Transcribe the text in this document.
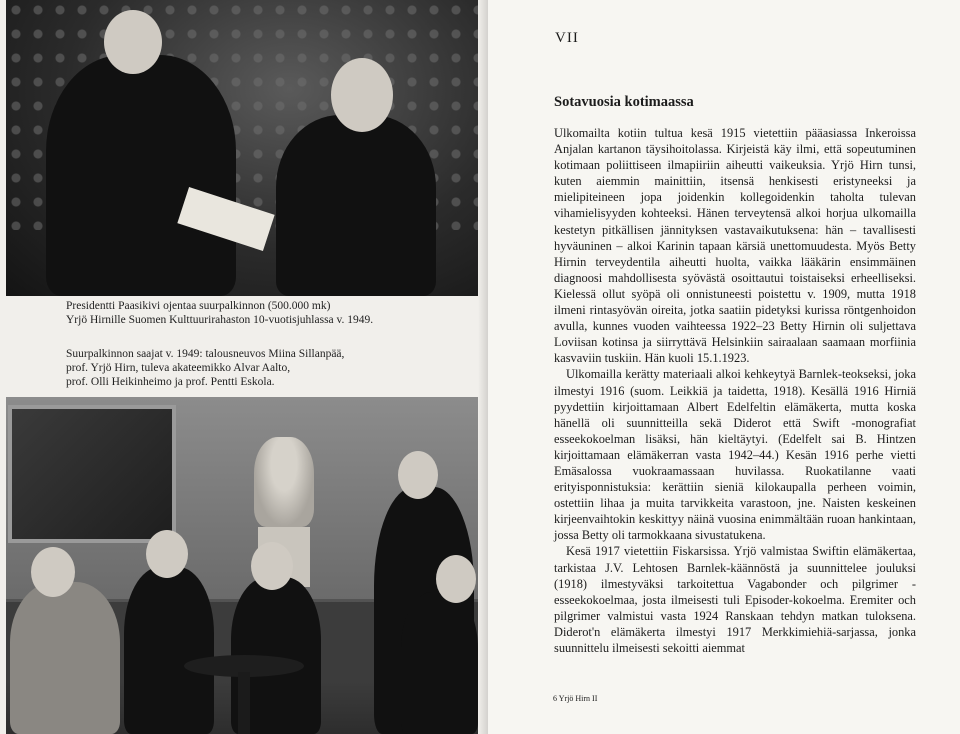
Presidentti Paasikivi ojentaa suurpalkinnon (500.000 mk)

Yrjö Hirnille Suomen Kulttuurirahaston 10-vuotisjuhlassa v. 1949.

Suurpalkinnon saajat v. 1949: talousneuvos Miina Sillanpää,

prof. Yrjö Hirn, tuleva akateemikko Alvar Aalto,

prof. Olli Heikinheimo ja prof. Pentti Eskola.

VII
Sotavuosia kotimaassa

Ulkomailta kotiin tultua kesä 1915 vietettiin pääasiassa Inkeroissa Anjalan kartanon täysihoitolassa. Kirjeistä käy ilmi, että sopeutuminen kotimaan poliittiseen ilmapiiriin aiheutti vaikeuksia. Yrjö Hirn tunsi, kuten aiemmin mainittiin, itsensä henkisesti eristyneeksi ja mielipiteineen jopa joidenkin kollegoidenkin taholta tulevan vihamielisyyden kohteeksi. Hänen terveytensä alkoi horjua ulkomailla kestetyn pitkällisen jännityksen vastavaikutuksena: hän – tavallisesti hyväuninen – alkoi Karinin tapaan kärsiä unettomuudesta. Myös Betty Hirnin terveydentila aiheutti huolta, vaikka lääkärin ensimmäinen diagnoosi mahdollisesta syövästä osoittautui toistaiseksi erheelliseksi. Kielessä ollut syöpä oli onnistuneesti poistettu v. 1909, mutta 1918 ilmeni rintasyövän oireita, jotka saatiin pidetyksi kurissa röntgenhoidon avulla, kunnes vuoden vaihteessa 1922–23 Betty Hirnin oli suljettava Loviisan kotinsa ja siirryttävä Helsinkiin sairaalaan saamaan morfiinia kasvaviin tuskiin. Hän kuoli 15.1.1923.

Ulkomailla kerätty materiaali alkoi kehkeytyä Barnlek-teokseksi, joka ilmestyi 1916 (suom. Leikkiä ja taidetta, 1918). Kesällä 1916 Hirniä pyydettiin kirjoittamaan Albert Edelfeltin elämäkerta, mutta koska hänellä oli suunnitteilla sekä Diderot että Swift -monografiat esseekokoelman lisäksi, hän kieltäytyi. (Edelfelt sai B. Hintzen kirjoittamaan elämäkerran vasta 1942–44.) Kesän 1916 perhe vietti Emäsalossa vuokraamassaan huvilassa. Ruokatilanne vaati erityisponnistuksia: kerättiin sieniä kilokaupalla perheen voimin, ostettiin lihaa ja muita tarvikkeita varastoon, jne. Naisten keskeinen kirjeenvaihtokin keskittyy näinä vuosina enimmältään ruoan hankintaan, jossa Betty oli tarmokkaana sivustatukena.

Kesä 1917 vietettiin Fiskarsissa. Yrjö valmistaa Swiftin elämäkertaa, tarkistaa J.V. Lehtosen Barnlek-käännöstä ja suunnittelee jouluksi (1918) ilmestyväksi tarkoitettua Vagabonder och pilgrimer -esseekokoelmaa, josta ilmeisesti tuli Episoder-kokoelma. Eremiter och pilgrimer valmistui vasta 1924 Ranskaan tehdyn matkan tuloksena. Diderot'n elämäkerta ilmestyi 1917 Merkkimiehiä-sarjassa, jonka suunnittelu ilmeisesti sekoitti aiemmat

6 Yrjö Hirn II
